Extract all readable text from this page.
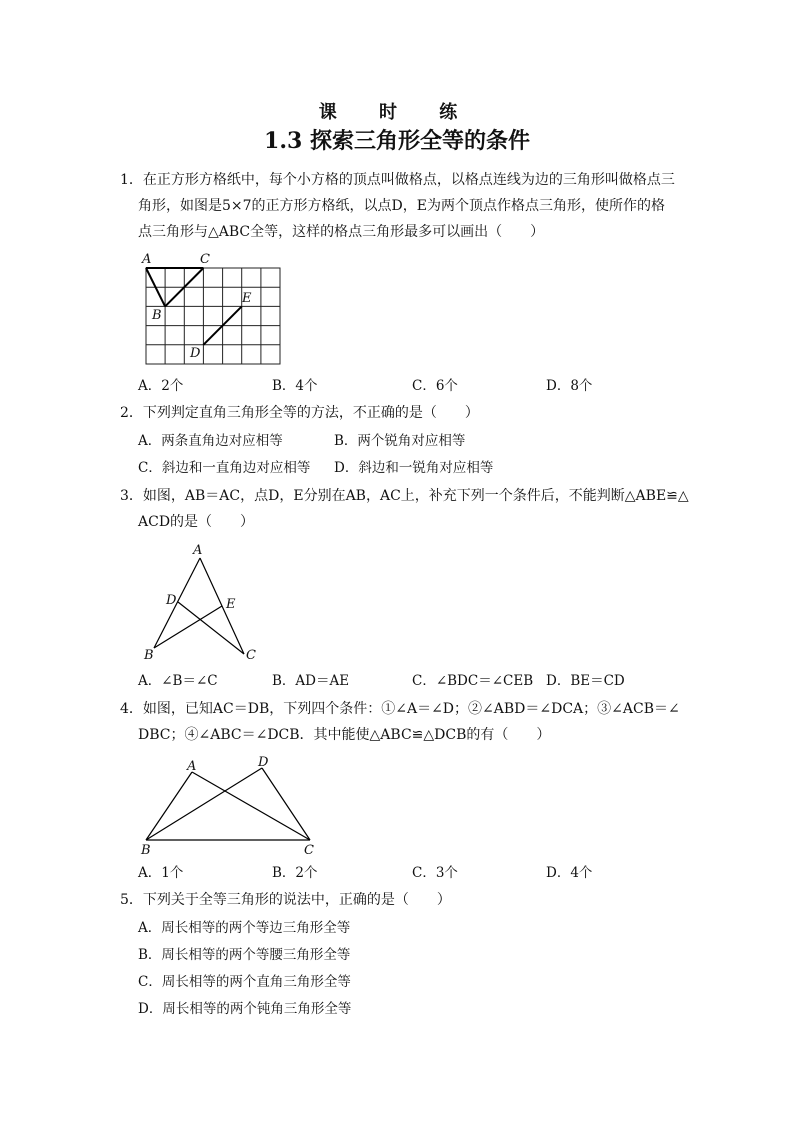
课 时 练
1.3 探索三角形全等的条件
1．在正方形方格纸中，每个小方格的顶点叫做格点，以格点连线为边的三角形叫做格点三
角形，如图是5×7的正方形方格纸，以点D，E为两个顶点作格点三角形，使所作的格
点三角形与△ABC全等，这样的格点三角形最多可以画出（　　）
A	C
B
E
D
A．2个	B．4个	C．6个	D．8个
2．下列判定直角三角形全等的方法，不正确的是（　　）
A．两条直角边对应相等	B．两个锐角对应相等
C．斜边和一直角边对应相等 D．斜边和一锐角对应相等
3．如图，AB＝AC，点D，E分别在AB，AC上，补充下列一个条件后，不能判断△ABE≌△
ACD的是（　　）
A
D	E
B	C
A．∠B＝∠C	B．AD＝AE	C．∠BDC＝∠CEB D．BE＝CD
4．如图，已知AC＝DB，下列四个条件：①∠A＝∠D；②∠ABD＝∠DCA；③∠ACB＝∠
DBC；④∠ABC＝∠DCB．其中能使△ABC≌△DCB的有（　　）
A	D
B	C
A．1个	B．2个	C．3个	D．4个
5．下列关于全等三角形的说法中，正确的是（　　）
A．周长相等的两个等边三角形全等
B．周长相等的两个等腰三角形全等
C．周长相等的两个直角三角形全等
D．周长相等的两个钝角三角形全等
